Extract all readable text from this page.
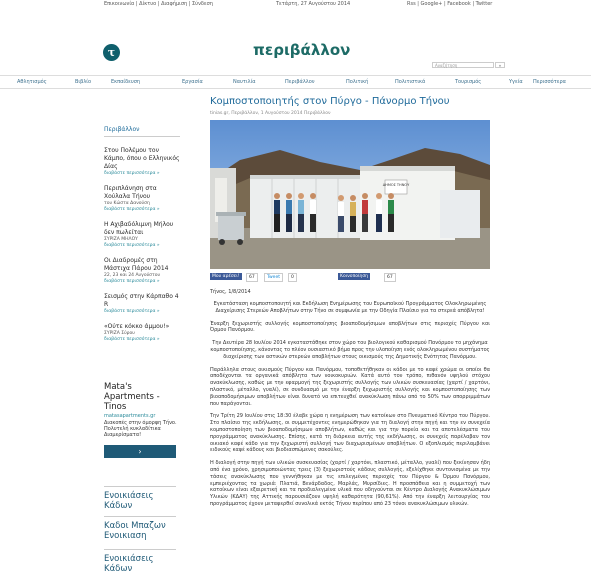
Επικοινωνία | Δίκτυο | Διαφήμιση | Σύνδεση	Τετάρτη, 27 Αυγούστου 2014	Rss | Google+ | Facebook | Twitter
τ	περιβάλλον
Αναζήτηση	»
Αθλητισμός	Βιβλίο	Εκπαίδευση	Εργασία	Ναυτιλία	Περιβάλλον	Πολιτική	Πολιτιστικά	Τουρισμός	Υγεία Περισσότερα
Περιβάλλον
Στου Πολέμου τον Κάμπο, όπου ο Ελληνικός Δίας
διαβάστε περισσότερα »
Περιπλάνηση στα Χούλαλα Τήνου
του Κώστα Δανούση
διαβάστε περισσότερα »
Η Αχιβαδόλιμνη Μήλου δεν πωλείται
ΣΥΡΙΖΑ ΜΗΛΟΥ
διαβάστε περισσότερα »
Οι Διαδρομές στη Μάστιχα Πάρου 2014
22, 23 και 24 Αυγούστου
διαβάστε περισσότερα »
Σεισμός στην Κάρπαθο 4 R
διαβάστε περισσότερα »
«Ούτε κόκκο άμμου!»
ΣΥΡΙΖΑ Σύρου
διαβάστε περισσότερα »
Mata's Apartments - Tinos
matasapartments.gr
Διακοπές στην όμορφη Τήνο. Πολυτελή κυκλαδίτικα Διαμερίσματα!
›
Ενοικιάσεις Κάδων
Καδοι Μπαζων Ενοικιαση
Ενοικιάσεις Κάδων
Κομποστοποιητής στον Πύργο - Πάνορμο Τήνου
tinias.gr, Περιβάλλον, 1 Αυγούστου 2014 Περιβάλλον
ΔΗΜΟΣ ΤΗΝΟΥ
Μου αρέσει!	67	Tweet	0	Κοινοποίηση	67
Τήνος, 1/8/2014
Εγκατάσταση κομποστοποιητή και Εκδήλωση Ενημέρωσης του Ευρωπαϊκού Προγράμματος Ολοκληρωμένης Διαχείρισης Στερεών Αποβλήτων στην Τήνο σε συμφωνία με την Οδηγία Πλαίσιο για τα στερεά απόβλητα!
Έναρξη ξεχωριστής συλλογής κομποστοποίησης βιοαποδομήσιμων αποβλήτων στις περιοχές Πύργου και Όρμου Πανόρμου.
Την Δευτέρα 28 Ιουλίου 2014 εγκαταστάθηκε στον χώρο του βιολογικού καθαρισμού Πανόρμου το μηχάνημα κομποστοποίησης, κάνοντας το πλέον ουσιαστικό βήμα προς την υλοποίηση ενός ολοκληρωμένου συστήματος διαχείρισης των αστικών στερεών αποβλήτων στους οικισμούς της Δημοτικής Ενότητας Πανόρμου.
Παράλληλα στους οικισμούς Πύργου και Πανόρμου, τοποθετήθηκαν οι κάδοι με το καφέ χρώμα οι οποίοι θα αποδέχονται τα οργανικά απόβλητα των νοικοκυριών. Κατά αυτό τον τρόπο, πιθανόν υψηλού στόχου ανακύκλωσης, καθώς με την εφαρμογή της ξεχωριστής συλλογής των υλικών συσκευασίας (χαρτί / χαρτόνι, πλαστικό, μέταλλο, γυαλί), σε συνδυασμό με την έναρξη ξεχωριστής συλλογής και κομποστοποίησης των βιοαποδομήσιμων αποβλήτων είναι δυνατό να επιτευχθεί ανακύκλωση πάνω από το 50% των απορριμμάτων που παράγονται.
Την Τρίτη 29 Ιουλίου στις 18:30 έλαβε χώρα η ενημέρωση των κατοίκων στο Πνευματικό Κέντρο του Πύργου. Στο πλαίσιο της εκδήλωσης, οι συμμετέχοντες ενημερώθηκαν για τη διαλογή στην πηγή και την εν συνεχεία κομποστοποίηση των βιοαποδομήσιμων αποβλήτων, καθώς και για την πορεία και τα αποτελέσματα του προγράμματος ανακύκλωσης. Επίσης, κατά τη διάρκεια αυτής της εκδήλωσης, οι συνεχείς παρέλαβαν τον οικιακό καφέ κάδο για την ξεχωριστή συλλογή των διαχωρισμένων αποβλήτων. Ο εξοπλισμός περιλαμβάνει ειδικούς καφέ κάδους και βιοδιασπώμενες σακούλες.
Η διαλογή στην πηγή των υλικών συσκευασίας (χαρτί / χαρτόνι, πλαστικό, μέταλλο, γυαλί) που ξεκίνησαν ήδη από ένα χρόνο, χρησιμοποιώντας τρεις (3) ξεχωριστούς κάδους συλλογής, εξελίχθηκε συντονισμένα με την τάσεις ανακύκλωσης που γεννήθηκαν με τις επιλεγμένες περιοχές του Πύργου & Όρμου Πανόρμου, εμπεριέχοντας τα χωριά: Πλατιά, Βενάρδαδος, Μαρλάς, Μυρσίδιες. Η προσπάθεια και η συμμετοχή των κατοίκων είναι εξαιρετική και τα προδιαλεγμένα υλικά που οδηγούνται σε Κέντρο Διαλογής Ανακυκλώσιμων Υλικών (ΚΔΑΥ) της Αττικής παρουσιάζουν υψηλή καθαρότητα (90,61%). Από την έναρξη λειτουργίας του προγράμματος έχουν μεταφερθεί συνολικά εκτός Τήνου περίπου από 23 τόνοι ανακυκλώσιμων υλικών.
